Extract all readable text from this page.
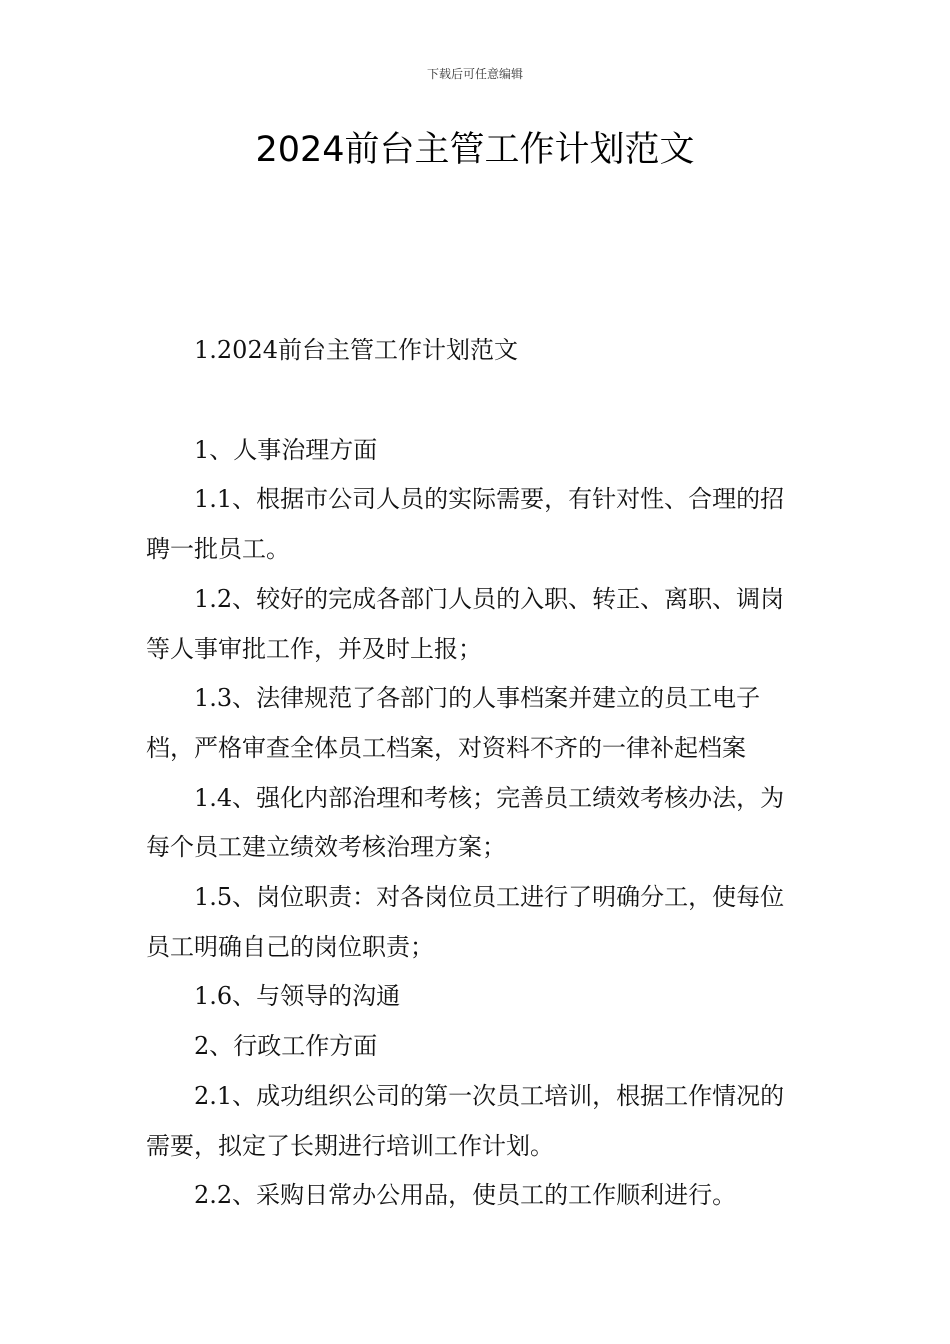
下载后可任意编辑
2024前台主管工作计划范文

1.2024前台主管工作计划范文

1、人事治理方面

1.1、根据市公司人员的实际需要，有针对性、合理的招聘一批员工。

1.2、较好的完成各部门人员的入职、转正、离职、调岗等人事审批工作，并及时上报；

1.3、法律规范了各部门的人事档案并建立的员工电子档，严格审查全体员工档案，对资料不齐的一律补起档案

1.4、强化内部治理和考核；完善员工绩效考核办法，为每个员工建立绩效考核治理方案；

1.5、岗位职责：对各岗位员工进行了明确分工，使每位员工明确自己的岗位职责；

1.6、与领导的沟通

2、行政工作方面

2.1、成功组织公司的第一次员工培训，根据工作情况的需要，拟定了长期进行培训工作计划。

2.2、采购日常办公用品，使员工的工作顺利进行。
